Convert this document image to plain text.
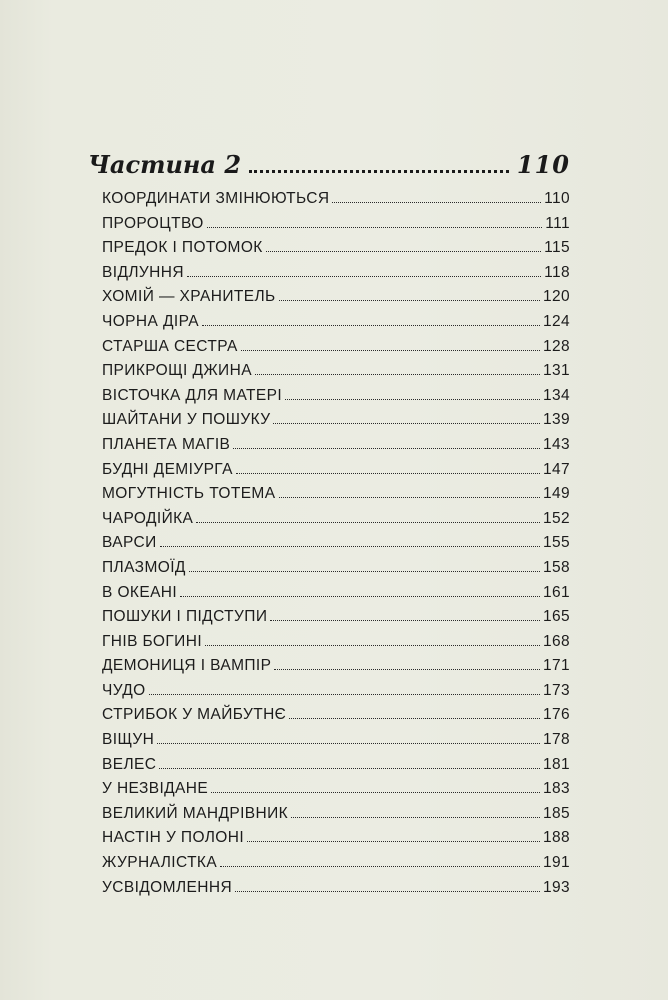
Частина 2	110
КООРДИНАТИ ЗМІНЮЮТЬСЯ	110
ПРОРОЦТВО	111
ПРЕДОК І ПОТОМОК	115
ВІДЛУННЯ	118
ХОМІЙ — ХРАНИТЕЛЬ	120
ЧОРНА ДІРА	124
СТАРША СЕСТРА	128
ПРИКРОЩІ ДЖИНА	131
ВІСТОЧКА ДЛЯ МАТЕРІ	134
ШАЙТАНИ У ПОШУКУ	139
ПЛАНЕТА МАГІВ	143
БУДНІ ДЕМІУРГА	147
МОГУТНІСТЬ ТОТЕМА	149
ЧАРОДІЙКА	152
ВАРСИ	155
ПЛАЗМОЇД	158
В ОКЕАНІ	161
ПОШУКИ І ПІДСТУПИ	165
ГНІВ БОГИНІ	168
ДЕМОНИЦЯ І ВАМПІР	171
ЧУДО	173
СТРИБОК У МАЙБУТНЄ	176
ВІЩУН	178
ВЕЛЕС	181
У НЕЗВІДАНЕ	183
ВЕЛИКИЙ МАНДРІВНИК	185
НАСТІН У ПОЛОНІ	188
ЖУРНАЛІСТКА	191
УСВІДОМЛЕННЯ	193
